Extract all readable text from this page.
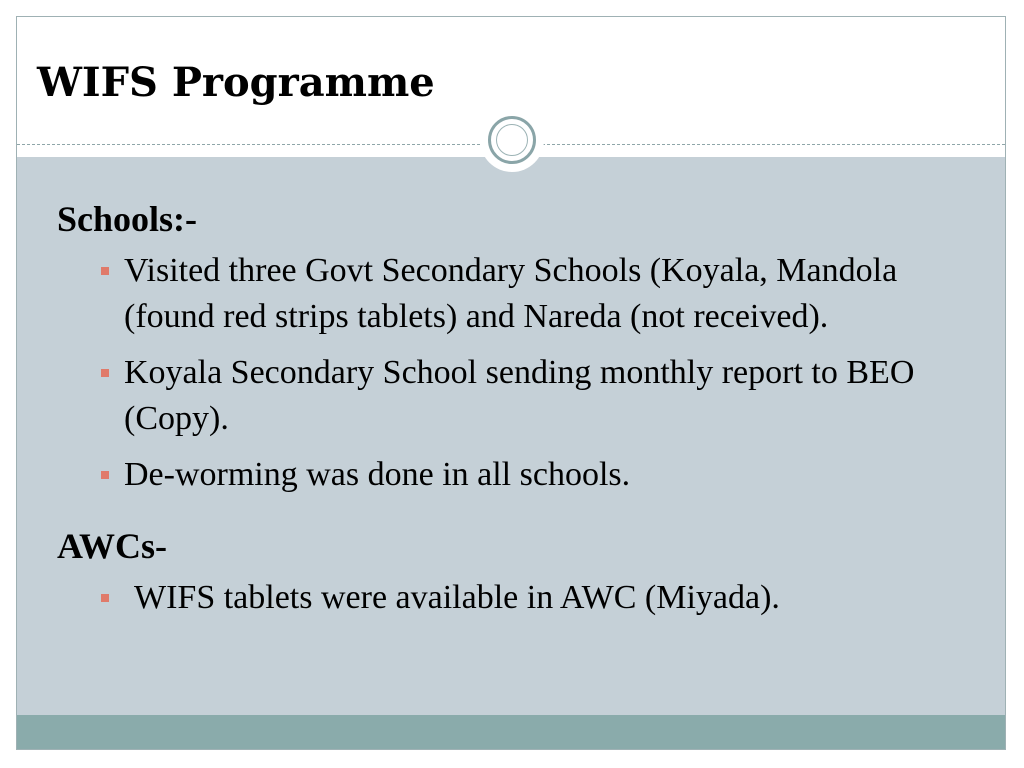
WIFS Programme

Schools:-

Visited three Govt Secondary Schools (Koyala, Mandola (found red strips tablets) and Nareda (not received).
Koyala Secondary School sending monthly report to BEO (Copy).
De-worming was done in all schools.

AWCs-

WIFS tablets were available in AWC (Miyada).
